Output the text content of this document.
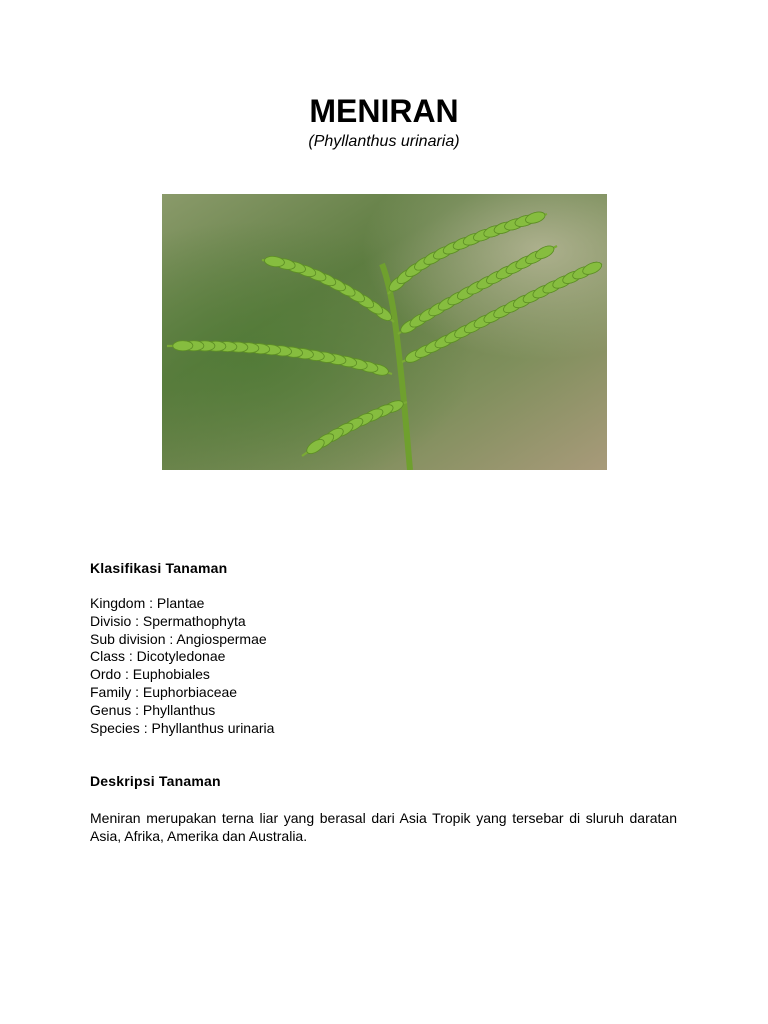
MENIRAN
(Phyllanthus urinaria)
Klasifikasi Tanaman
Kingdom : Plantae
Divisio : Spermathophyta
Sub division : Angiospermae
Class : Dicotyledonae
Ordo : Euphobiales
Family : Euphorbiaceae
Genus : Phyllanthus
Species : Phyllanthus urinaria
Deskripsi Tanaman

Meniran merupakan terna liar yang berasal dari Asia Tropik yang tersebar di sluruh daratan Asia, Afrika, Amerika dan Australia.
